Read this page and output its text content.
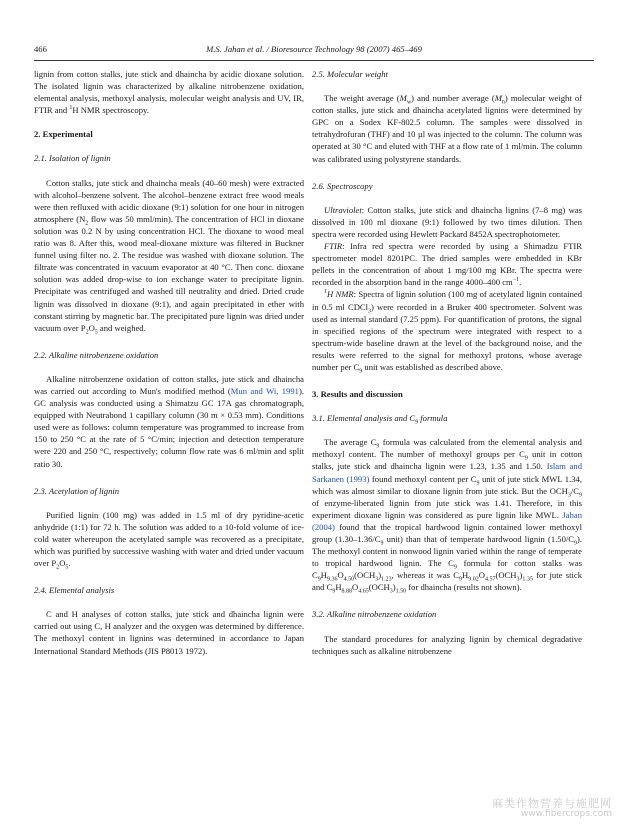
466	M.S. Jahan et al. / Bioresource Technology 98 (2007) 465–469

lignin from cotton stalks, jute stick and dhaincha by acidic dioxane solution. The isolated lignin was characterized by alkaline nitrobenzene oxidation, elemental analysis, methoxyl analysis, molecular weight analysis and UV, IR, FTIR and $^1$H NMR spectroscopy.

2. Experimental
2.1. Isolation of lignin

Cotton stalks, jute stick and dhaincha meals (40–60 mesh) were extracted with alcohol–benzene solvent. The alcohol–benzene extract free wood meals were then refluxed with acidic dioxane (9:1) solution for one hour in nitrogen atmosphere ($N_2$ flow was 50 mml/min). The concentration of HCl in dioxane solution was 0.2 N by using concentration HCl. The dioxane to wood meal ratio was 8. After this, wood meal-dioxane mixture was filtered in Buckner funnel using filter no. 2. The residue was washed with dioxane solution. The filtrate was concentrated in vacuum evaporator at 40 °C. Then conc. dioxane solution was added drop-wise to ion exchange water to precipitate lignin. Precipitate was centrifuged and washed till neutrality and dried. Dried crude lignin was dissolved in dioxane (9:1), and again precipitated in ether with constant stirring by magnetic bar. The precipitated pure lignin was dried under vacuum over $P_2O_5$ and weighed.

2.2. Alkaline nitrobenzene oxidation

Alkaline nitrobenzene oxidation of cotton stalks, jute stick and dhaincha was carried out according to Mun's modified method (Mun and Wi, 1991). GC analysis was conducted using a Shimatzu GC 17A gas chromatograph, equipped with Neutrabond 1 capillary column (30 m × 0.53 mm). Conditions used were as follows: column temperature was programmed to increase from 150 to 250 °C at the rate of 5 °C/min; injection and detection temperature were 220 and 250 °C, respectively; column flow rate was 6 ml/min and split ratio 30.

2.3. Acetylation of lignin

Purified lignin (100 mg) was added in 1.5 ml of dry pyridine-acetic anhydride (1:1) for 72 h. The solution was added to a 10-fold volume of ice-cold water whereupon the acetylated sample was recovered as a precipitate, which was purified by successive washing with water and dried under vacuum over $P_2O_5$.

2.4. Elemental analysis

C and H analyses of cotton stalks, jute stick and dhaincha lignin were carried out using C, H analyzer and the oxygen was determined by difference. The methoxyl content in lignins was determined in accordance to Japan International Standard Methods (JIS P8013 1972).

2.5. Molecular weight

The weight average $(M_w)$ and number average $(M_n)$ molecular weight of cotton stalks, jute stick and dhaincha acetylated lignins were determined by GPC on a Sodex KF-802.5 column. The samples were dissolved in tetrahydrofuran (THF) and 10 µl was injected to the column. The column was operated at 30 °C and eluted with THF at a flow rate of 1 ml/min. The column was calibrated using polystyrene standards.

2.6. Spectroscopy

Ultraviolet: Cotton stalks, jute stick and dhaincha lignins (7–8 mg) was dissolved in 100 ml dioxane (9:1) followed by two times dilution. Then spectra were recorded using Hewlett Packard 8452A spectrophotometer.

FTIR: Infra red spectra were recorded by using a Shimadzu FTIR spectrometer model 8201PC. The dried samples were embedded in KBr pellets in the concentration of about 1 mg/100 mg KBr. The spectra were recorded in the absorption band in the range 4000–400 $cm^{-1}$.

$^1$H NMR: Spectra of lignin solution (100 mg of acetylated lignin contained in 0.5 ml CDCl$_3$) were recorded in a Bruker 400 spectrometer. Solvent was used as internal standard (7.25 ppm). For quantification of protons, the signal in specified regions of the spectrum were integrated with respect to a spectrum-wide baseline drawn at the level of the background noise, and the results were referred to the signal for methoxyl protons, whose average number per $C_9$ unit was established as described above.

3. Results and discussion
3.1. Elemental analysis and $C_9$ formula

The average $C_9$ formula was calculated from the elemental analysis and methoxyl content. The number of methoxyl groups per $C_9$ unit in cotton stalks, jute stick and dhaincha lignin were 1.23, 1.35 and 1.50. Islam and Sarkanen (1993) found methoxyl content per $C_9$ unit of jute stick MWL 1.34, which was almost similar to dioxane lignin from jute stick. But the $OCH_3/C_9$ of enzyme-liberated lignin from jute stick was 1.41. Therefore, in this experiment dioxane lignin was considered as pure lignin like MWL. Jahan (2004) found that the tropical hardwood lignin contained lower methoxyl group ($1.30-1.36/C_9$ unit) than that of temperate hardwood lignin $(1.50/C_9)$. The methoxyl content in nonwood lignin varied within the range of temperate to tropical hardwood lignin. The $C_9$ formula for cotton stalks was $C_9H_{9.36}O_{4.50}(OCH_3)_{1.23}$, whereas it was $C_9H_{9.02}O_{4.57}(OCH_3)_{1.35}$ for jute stick and $C_9H_{8.88}O_{4.65}(OCH_3)_{1.50}$ for dhaincha (results not shown).

3.2. Alkaline nitrobenzene oxidation

The standard procedures for analyzing lignin by chemical degradative techniques such as alkaline nitrobenzene

麻类作物营养与施肥网
www.fibercrops.com
